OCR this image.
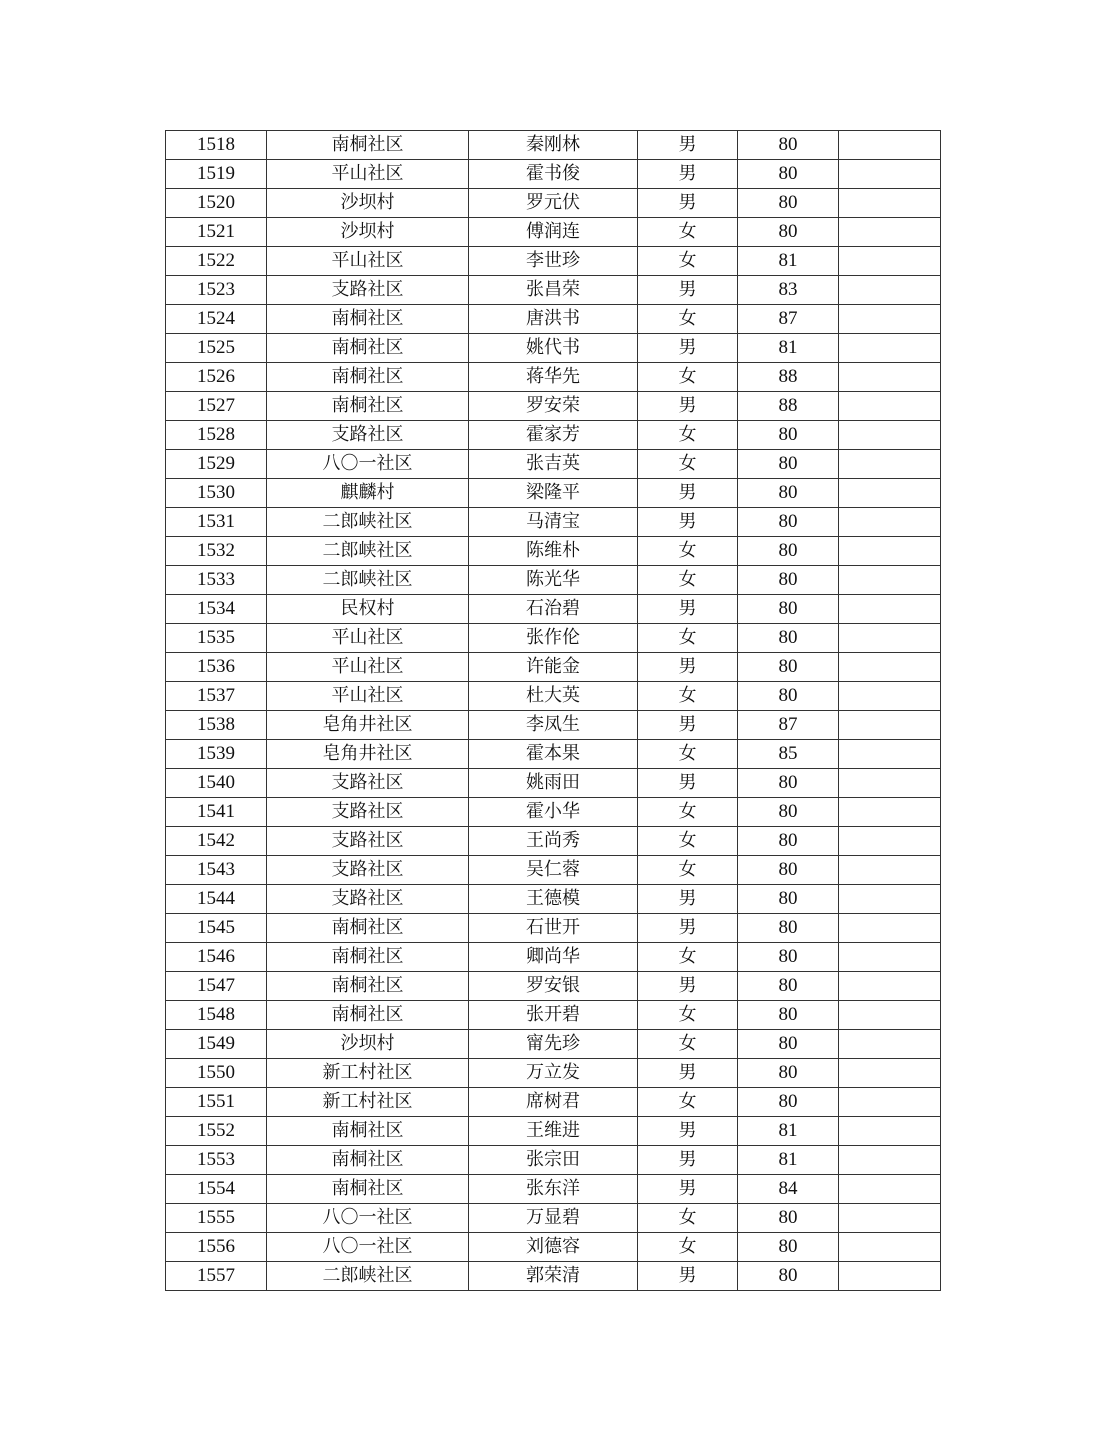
1518	南桐社区	秦刚林	男	80	
1519	平山社区	霍书俊	男	80	
1520	沙坝村	罗元伏	男	80	
1521	沙坝村	傅润连	女	80	
1522	平山社区	李世珍	女	81	
1523	支路社区	张昌荣	男	83	
1524	南桐社区	唐洪书	女	87	
1525	南桐社区	姚代书	男	81	
1526	南桐社区	蒋华先	女	88	
1527	南桐社区	罗安荣	男	88	
1528	支路社区	霍家芳	女	80	
1529	八〇一社区	张吉英	女	80	
1530	麒麟村	梁隆平	男	80	
1531	二郎峡社区	马清宝	男	80	
1532	二郎峡社区	陈维朴	女	80	
1533	二郎峡社区	陈光华	女	80	
1534	民权村	石治碧	男	80	
1535	平山社区	张作伦	女	80	
1536	平山社区	许能金	男	80	
1537	平山社区	杜大英	女	80	
1538	皂角井社区	李凤生	男	87	
1539	皂角井社区	霍本果	女	85	
1540	支路社区	姚雨田	男	80	
1541	支路社区	霍小华	女	80	
1542	支路社区	王尚秀	女	80	
1543	支路社区	吴仁蓉	女	80	
1544	支路社区	王德模	男	80	
1545	南桐社区	石世开	男	80	
1546	南桐社区	卿尚华	女	80	
1547	南桐社区	罗安银	男	80	
1548	南桐社区	张开碧	女	80	
1549	沙坝村	甯先珍	女	80	
1550	新工村社区	万立发	男	80	
1551	新工村社区	席树君	女	80	
1552	南桐社区	王维进	男	81	
1553	南桐社区	张宗田	男	81	
1554	南桐社区	张东洋	男	84	
1555	八〇一社区	万显碧	女	80	
1556	八〇一社区	刘德容	女	80	
1557	二郎峡社区	郭荣清	男	80	
